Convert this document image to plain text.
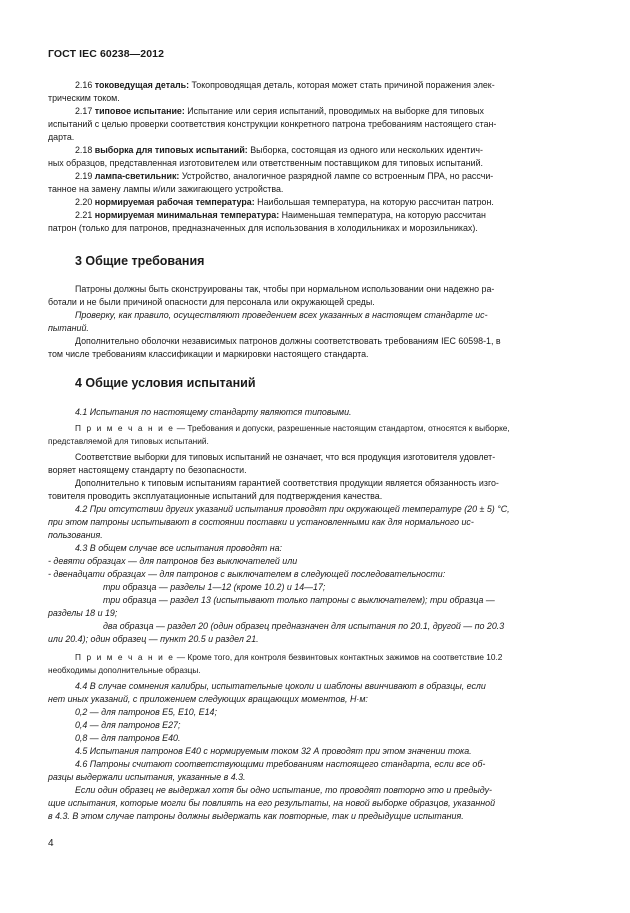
ГОСТ IEC 60238—2012
2.16 токоведущая деталь: Токопроводящая деталь, которая может стать причиной поражения элек-
трическим током.
2.17 типовое испытание: Испытание или серия испытаний, проводимых на выборке для типовых
испытаний с целью проверки соответствия конструкции конкретного патрона требованиям настоящего стан-
дарта.
2.18 выборка для типовых испытаний: Выборка, состоящая из одного или нескольких идентич-
ных образцов, представленная изготовителем или ответственным поставщиком для типовых испытаний.
2.19 лампа-светильник: Устройство, аналогичное разрядной лампе со встроенным ПРА, но рассчи-
танное на замену лампы и/или зажигающего устройства.
2.20 нормируемая рабочая температура: Наибольшая температура, на которую рассчитан патрон.
2.21 нормируемая минимальная температура: Наименьшая температура, на которую рассчитан
патрон (только для патронов, предназначенных для использования в холодильниках и морозильниках).
3 Общие требования
Патроны должны быть сконструированы так, чтобы при нормальном использовании они надежно ра-
ботали и не были причиной опасности для персонала или окружающей среды.
Проверку, как правило, осуществляют проведением всех указанных в настоящем стандарте ис-
пытаний.
Дополнительно оболочки независимых патронов должны соответствовать требованиям IEC 60598-1, в
том числе требованиям классификации и маркировки настоящего стандарта.
4 Общие условия испытаний
4.1 Испытания по настоящему стандарту являются типовыми.
П р и м е ч а н и е — Требования и допуски, разрешенные настоящим стандартом, относятся к выборке,
представляемой для типовых испытаний.
Соответствие выборки для типовых испытаний не означает, что вся продукция изготовителя удовлет-
воряет настоящему стандарту по безопасности.
Дополнительно к типовым испытаниям гарантией соответствия продукции является обязанность изго-
товителя проводить эксплуатационные испытаний для подтверждения качества.
4.2 При отсутствии других указаний испытания проводят при окружающей температуре (20 ± 5) °С,
при этом патроны испытывают в состоянии поставки и установленными как для нормального ис-
пользования.
4.3 В общем случае все испытания проводят на:
- девяти образцах — для патронов без выключателей или
- двенадцати образцах — для патронов с выключателем в следующей последовательности:
три образца — разделы 1—12 (кроме 10.2) и 14—17;
три образца — раздел 13 (испытывают только патроны с выключателем); три образца —
разделы 18 и 19;
два образца — раздел 20 (один образец предназначен для испытания по 20.1, другой — по 20.3
или 20.4); один образец — пункт 20.5 и раздел 21.
П р и м е ч а н и е — Кроме того, для контроля безвинтовых контактных зажимов на соответствие 10.2
необходимы дополнительные образцы.
4.4 В случае сомнения калибры, испытательные цоколи и шаблоны ввинчивают в образцы, если
нет иных указаний, с приложением следующих вращающих моментов, Н·м:
0,2 — для патронов E5, E10, E14;
0,4 — для патронов E27;
0,8 — для патронов E40.
4.5 Испытания патронов E40 с нормируемым током 32 А проводят при этом значении тока.
4.6 Патроны считают соответствующими требованиям настоящего стандарта, если все об-
разцы выдержали испытания, указанные в 4.3.
Если один образец не выдержал хотя бы одно испытание, то проводят повторно это и предыду-
щие испытания, которые могли бы повлиять на его результаты, на новой выборке образцов, указанной
в 4.3. В этом случае патроны должны выдержать как повторные, так и предыдущие испытания.
4
